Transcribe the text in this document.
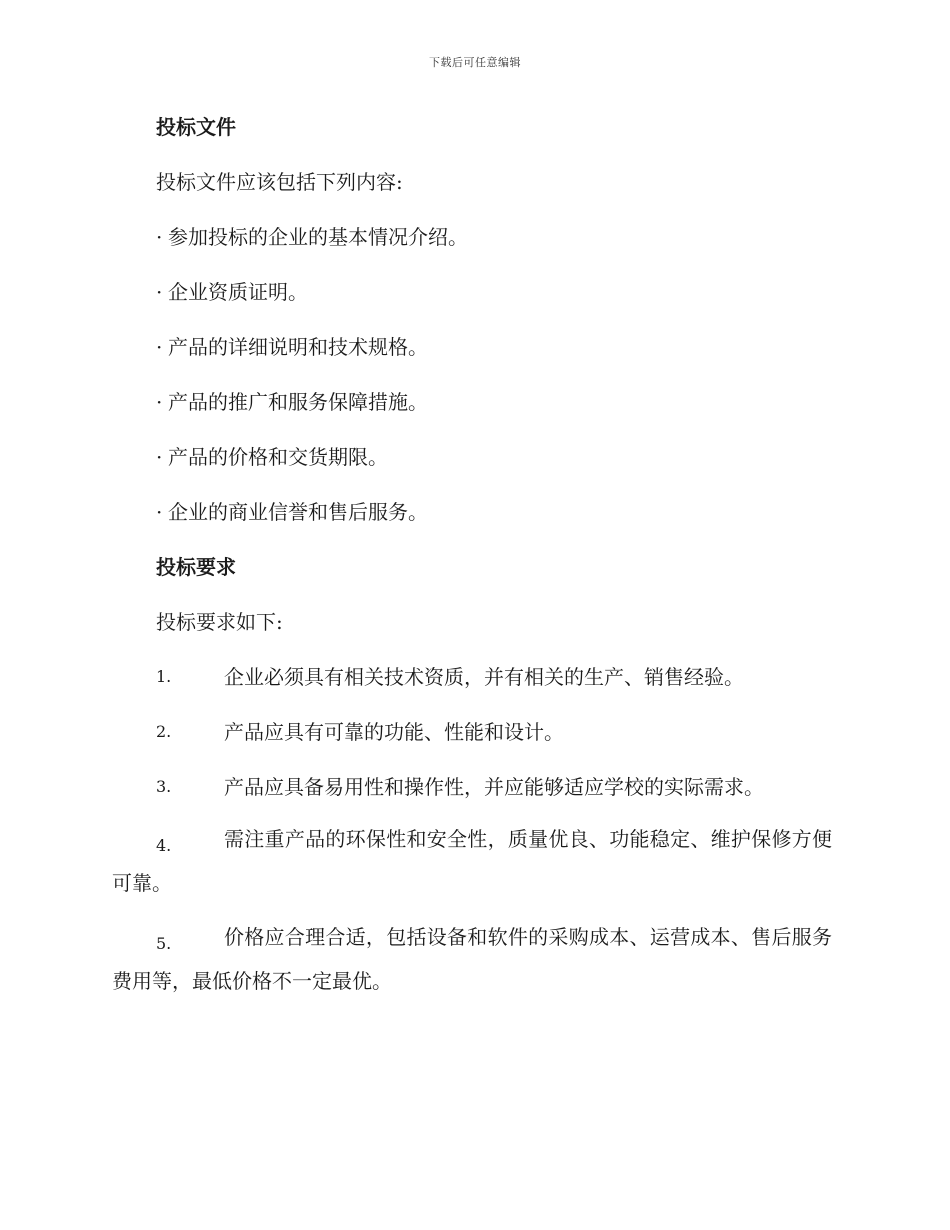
下载后可任意编辑
投标文件

投标文件应该包括下列内容:

· 参加投标的企业的基本情况介绍。

· 企业资质证明。

· 产品的详细说明和技术规格。

· 产品的推广和服务保障措施。

· 产品的价格和交货期限。

· 企业的商业信誉和售后服务。

投标要求

投标要求如下:

1.	企业必须具有相关技术资质，并有相关的生产、销售经验。

2.	产品应具有可靠的功能、性能和设计。

3.	产品应具备易用性和操作性，并应能够适应学校的实际需求。

4.	需注重产品的环保性和安全性，质量优良、功能稳定、维护保修方便可靠。

5.	价格应合理合适，包括设备和软件的采购成本、运营成本、售后服务费用等，最低价格不一定最优。
